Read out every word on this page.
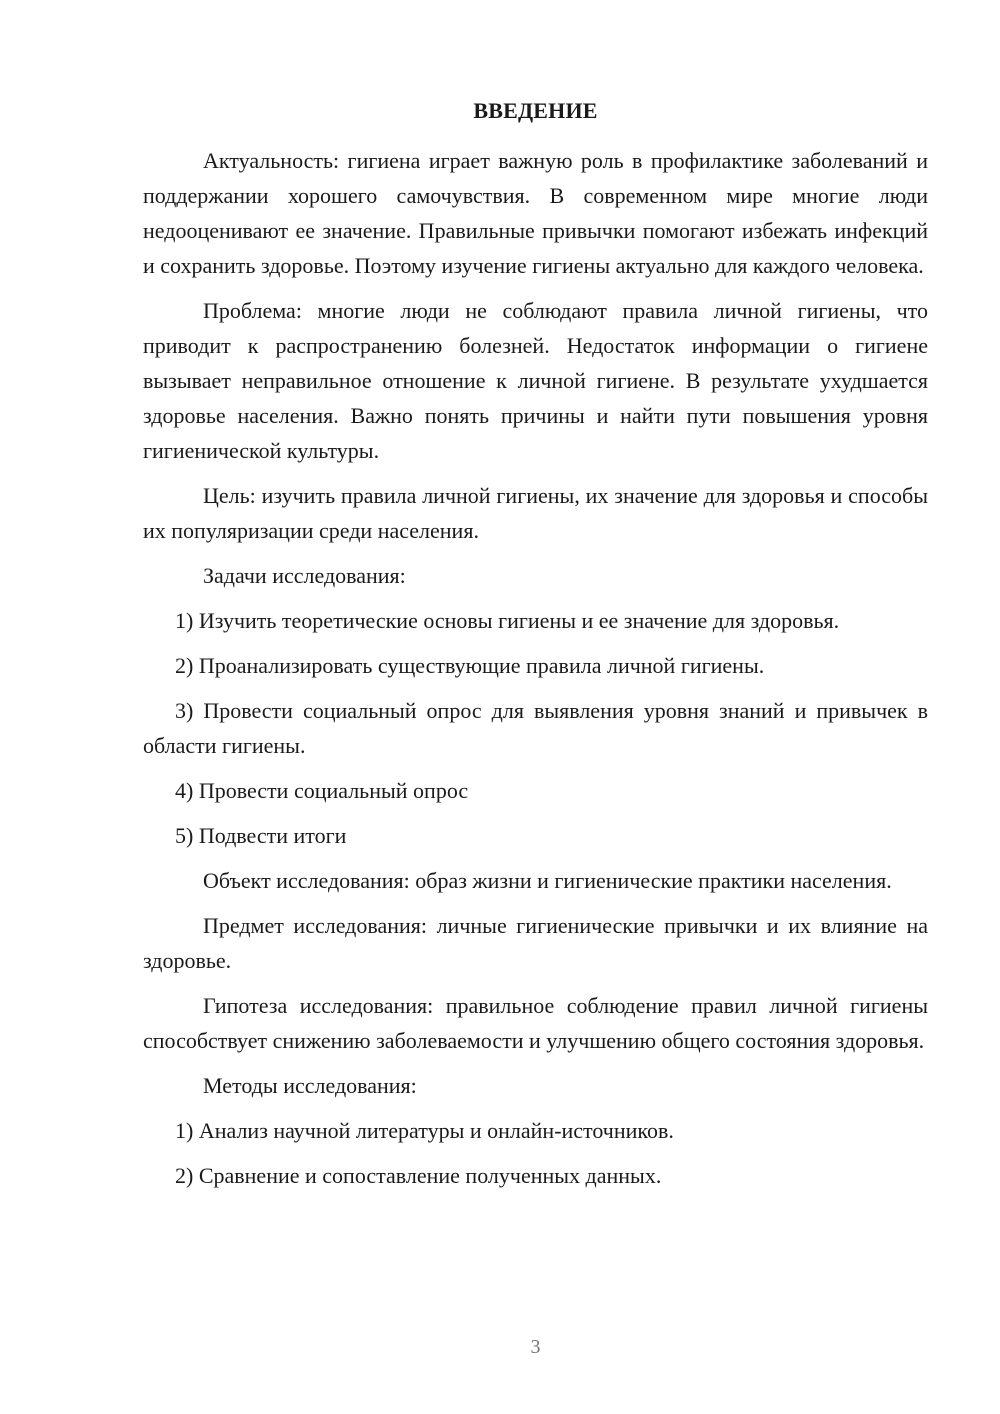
ВВЕДЕНИЕ

Актуальность: гигиена играет важную роль в профилактике заболеваний и поддержании хорошего самочувствия. В современном мире многие люди недооценивают ее значение. Правильные привычки помогают избежать инфекций и сохранить здоровье. Поэтому изучение гигиены актуально для каждого человека.

Проблема: многие люди не соблюдают правила личной гигиены, что приводит к распространению болезней. Недостаток информации о гигиене вызывает неправильное отношение к личной гигиене. В результате ухудшается здоровье населения. Важно понять причины и найти пути повышения уровня гигиенической культуры.

Цель: изучить правила личной гигиены, их значение для здоровья и способы их популяризации среди населения.

Задачи исследования:

1) Изучить теоретические основы гигиены и ее значение для здоровья.

2) Проанализировать существующие правила личной гигиены.

3) Провести социальный опрос для выявления уровня знаний и привычек в области гигиены.

4) Провести социальный опрос

5) Подвести итоги

Объект исследования: образ жизни и гигиенические практики населения.

Предмет исследования: личные гигиенические привычки и их влияние на здоровье.

Гипотеза исследования: правильное соблюдение правил личной гигиены способствует снижению заболеваемости и улучшению общего состояния здоровья.

Методы исследования:

1) Анализ научной литературы и онлайн-источников.

2) Сравнение и сопоставление полученных данных.

3
